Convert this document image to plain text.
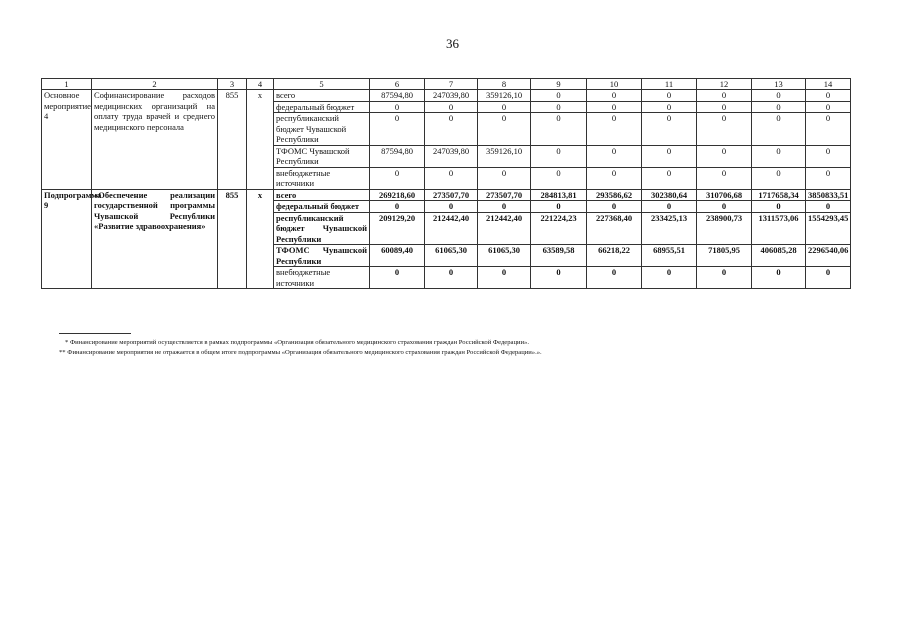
36
1	2	3	4	5	6	7	8	9	10	11	12	13	14
Основное мероприятие 4	Софинансирование расходов медицинских организаций на оплату труда врачей и среднего медицинского персонала	855	x	всего	87594,80	247039,80	359126,10	0	0	0	0	0	0
				федеральный бюджет	0	0	0	0	0	0	0	0	0
				республиканский бюджет Чувашской Республики	0	0	0	0	0	0	0	0	0
				ТФОМС Чувашской Республики	87594,80	247039,80	359126,10	0	0	0	0	0	0
				внебюджетные источники	0	0	0	0	0	0	0	0	0
Подпрограмма 9	«Обеспечение реализации государственной программы Чувашской Республики «Развитие здравоохранения»	855	x	всего	269218,60	273507,70	273507,70	284813,81	293586,62	302380,64	310706,68	1717658,34	3850833,51
				федеральный бюджет	0	0	0	0	0	0	0	0	0
				республиканский бюджет Чувашской Республики	209129,20	212442,40	212442,40	221224,23	227368,40	233425,13	238900,73	1311573,06	1554293,45
				ТФОМС Чувашской Республики	60089,40	61065,30	61065,30	63589,58	66218,22	68955,51	71805,95	406085,28	2296540,06
				внебюджетные источники	0	0	0	0	0	0	0	0	0
* Финансирование мероприятий осуществляется в рамках подпрограммы «Организация обязательного медицинского страхования граждан Российской Федерации».
** Финансирование мероприятия не отражается в общем итоге подпрограммы «Организация обязательного медицинского страхования граждан Российской Федерации».».
